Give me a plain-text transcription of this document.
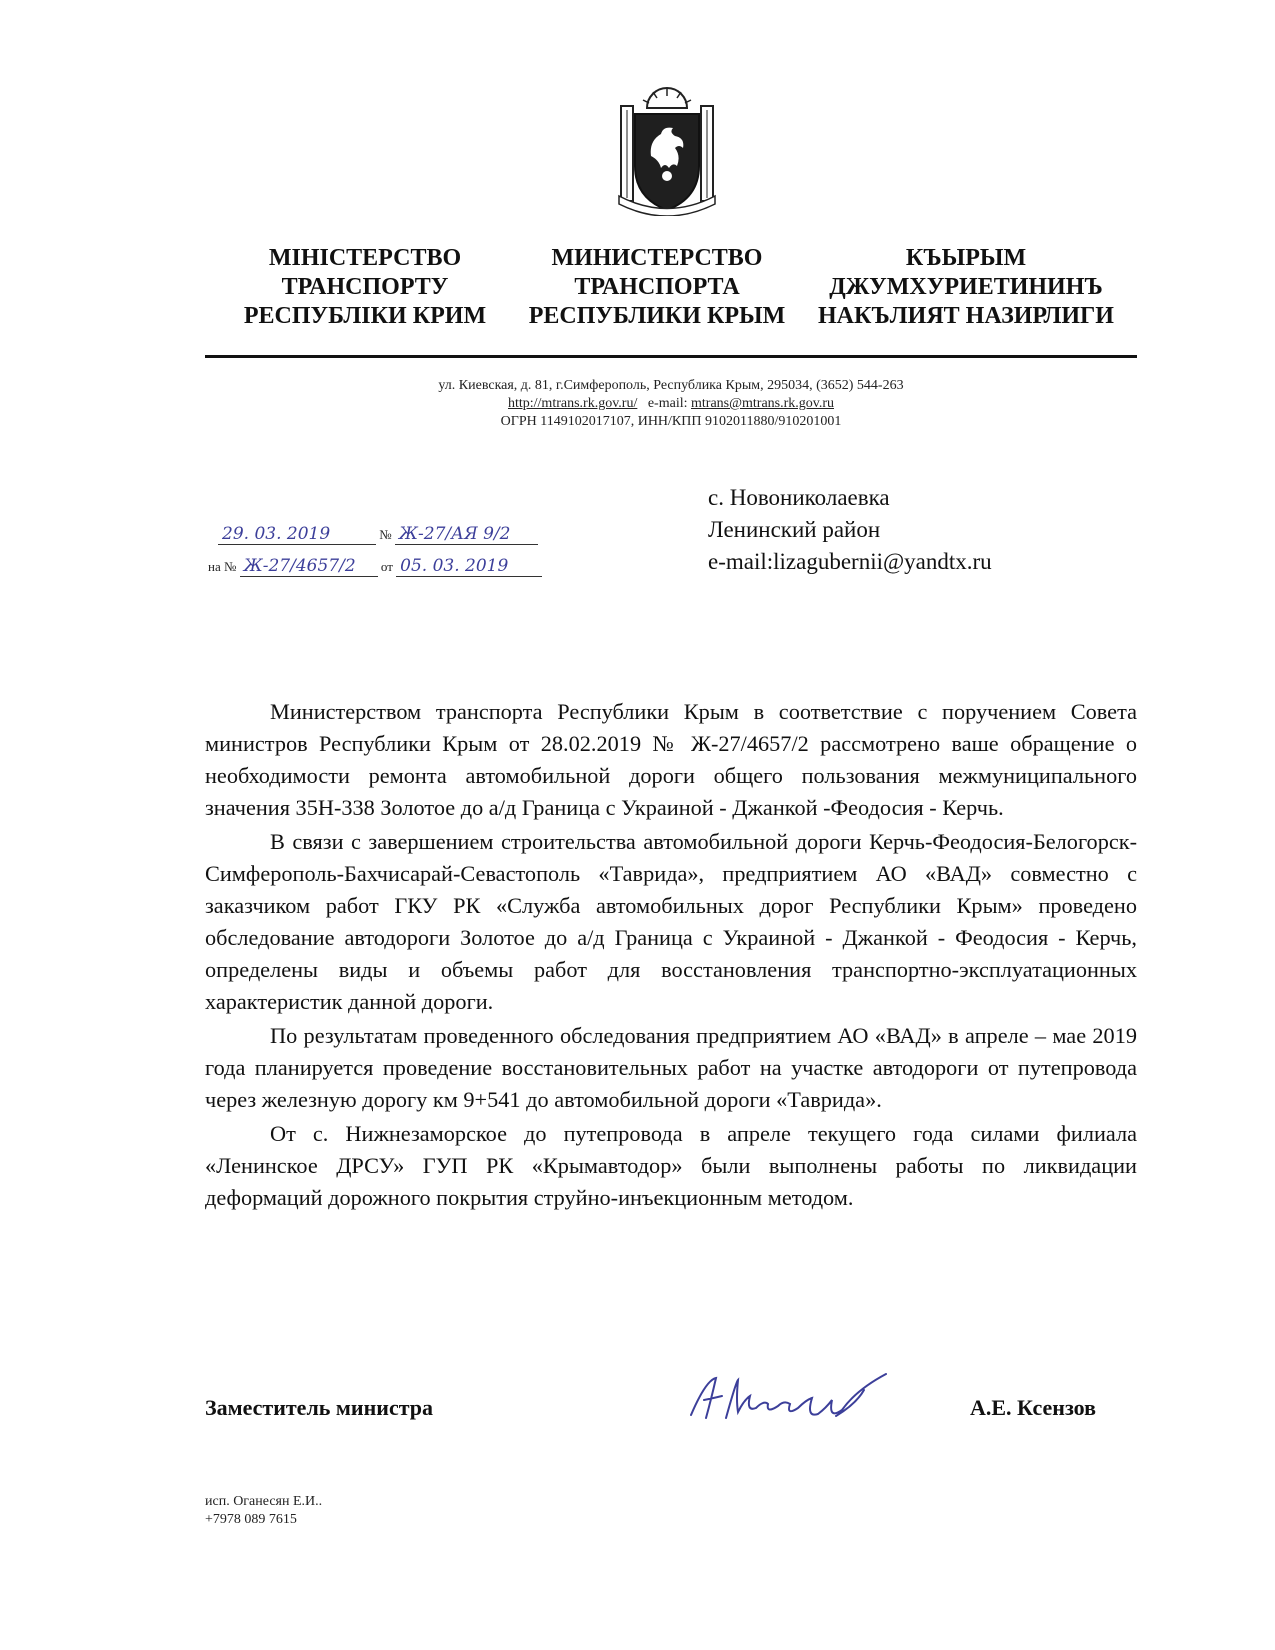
МІНІСТЕРСТВО
ТРАНСПОРТУ
РЕСПУБЛІКИ КРИМ
МИНИСТЕРСТВО
ТРАНСПОРТА
РЕСПУБЛИКИ КРЫМ
КЪЫРЫМ
ДЖУМХУРИЕТИНИНЪ
НАКЪЛИЯТ НАЗИРЛИГИ
ул. Киевская, д. 81, г.Симферополь, Республика Крым, 295034, (3652) 544-263
http://mtrans.rk.gov.ru/ e-mail: mtrans@mtrans.rk.gov.ru
ОГРН 1149102017107, ИНН/КПП 9102011880/910201001
с. Новониколаевка
Ленинский район
e-mail:lizagubernii@yandtx.ru
29. 03. 2019	№ Ж-27/АЯ 9/2
на № Ж-27/4657/2 от 05. 03. 2019

Министерством транспорта Республики Крым в соответствие с поручением Совета министров Республики Крым от 28.02.2019 № Ж-27/4657/2 рассмотрено ваше обращение о необходимости ремонта автомобильной дороги общего пользования межмуниципального значения 35Н-338 Золотое до а/д Граница с Украиной - Джанкой -Феодосия - Керчь.

В связи с завершением строительства автомобильной дороги Керчь-Феодосия-Белогорск-Симферополь-Бахчисарай-Севастополь «Таврида», предприятием АО «ВАД» совместно с заказчиком работ ГКУ РК «Служба автомобильных дорог Республики Крым» проведено обследование автодороги Золотое до а/д Граница с Украиной - Джанкой - Феодосия - Керчь, определены виды и объемы работ для восстановления транспортно-эксплуатационных характеристик данной дороги.

По результатам проведенного обследования предприятием АО «ВАД» в апреле – мае 2019 года планируется проведение восстановительных работ на участке автодороги от путепровода через железную дорогу км 9+541 до автомобильной дороги «Таврида».

От с. Нижнезаморское до путепровода в апреле текущего года силами филиала «Ленинское ДРСУ» ГУП РК «Крымавтодор» были выполнены работы по ликвидации деформаций дорожного покрытия струйно-инъекционным методом.

Заместитель министра	А.Е. Ксензов
исп. Оганесян Е.И..
+7978 089 7615
